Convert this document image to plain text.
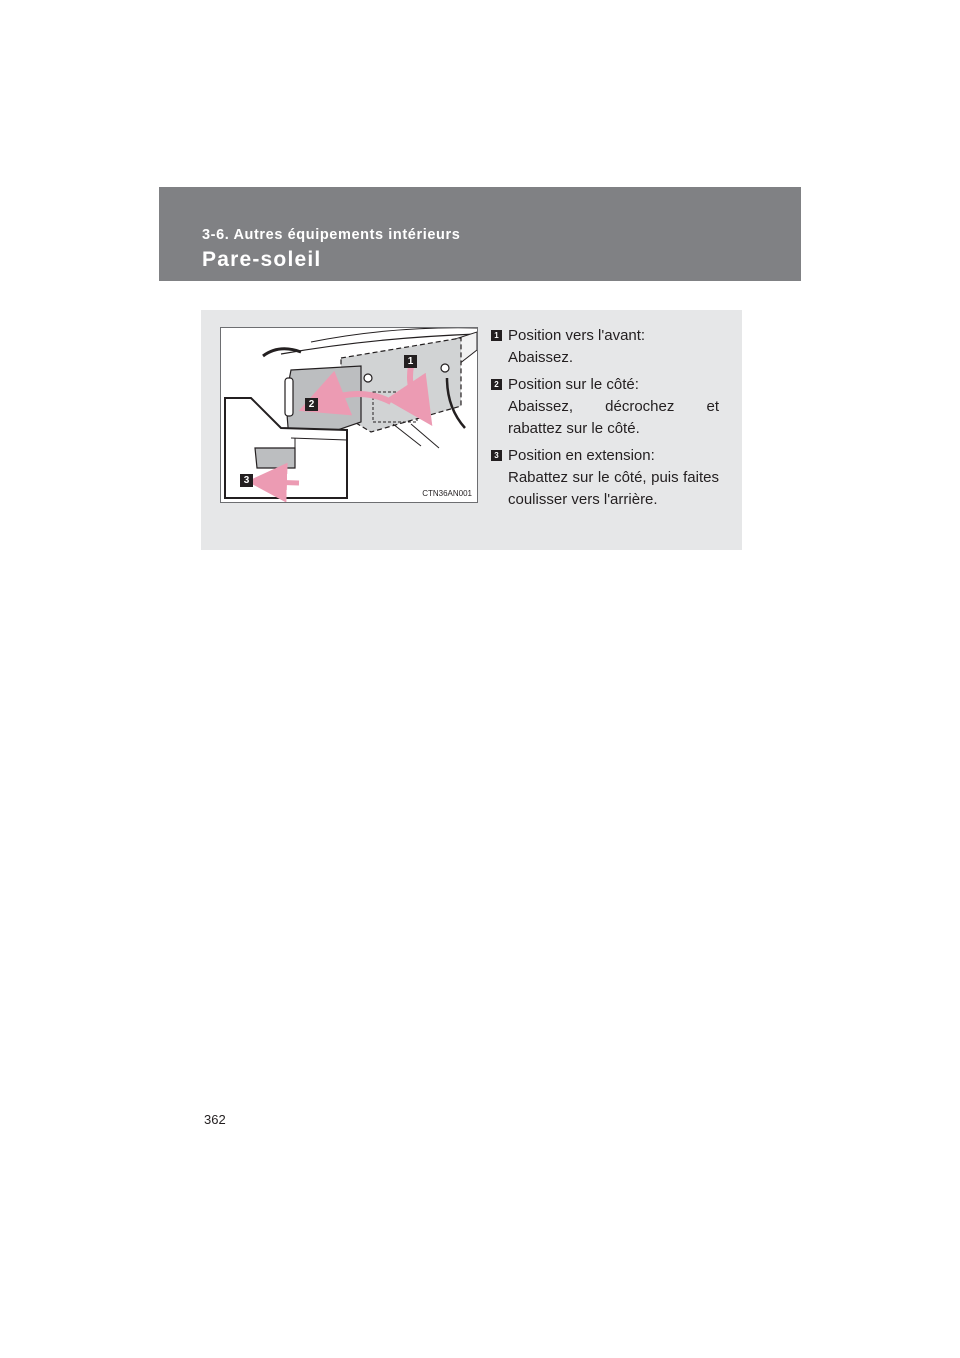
3-6. Autres équipements intérieurs
Pare-soleil
1
2
3
CTN36AN001
1 Position vers l'avant:
Abaissez.
2 Position sur le côté:
Abaissez, décrochez et rabattez sur le côté.
3 Position en extension:
Rabattez sur le côté, puis faites coulisser vers l'arrière.
362
